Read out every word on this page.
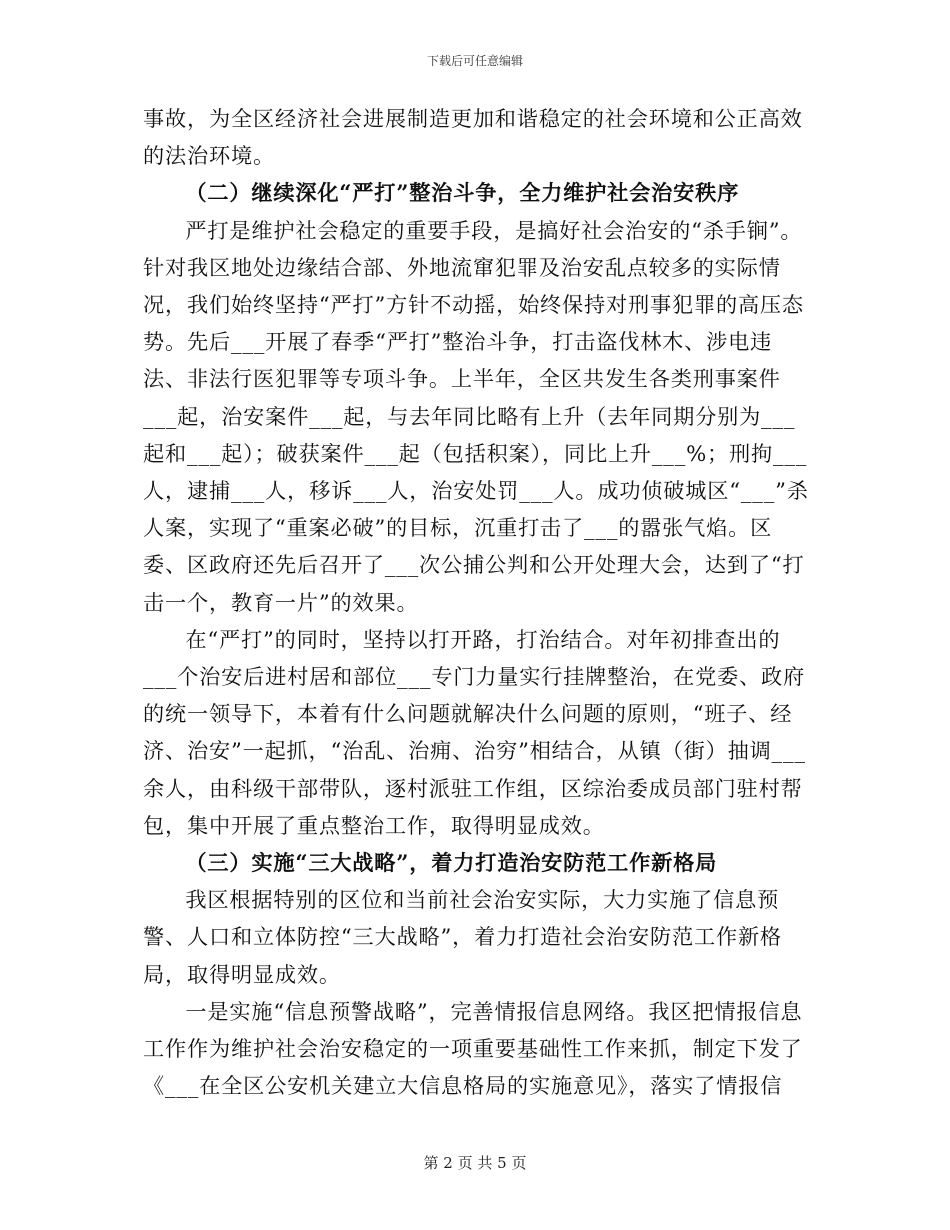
下载后可任意编辑

事故，为全区经济社会进展制造更加和谐稳定的社会环境和公正高效的法治环境。

（二）继续深化“严打”整治斗争，全力维护社会治安秩序

严打是维护社会稳定的重要手段，是搞好社会治安的“杀手锏”。针对我区地处边缘结合部、外地流窜犯罪及治安乱点较多的实际情况，我们始终坚持“严打”方针不动摇，始终保持对刑事犯罪的高压态势。先后___开展了春季“严打”整治斗争，打击盗伐林木、涉电违法、非法行医犯罪等专项斗争。上半年，全区共发生各类刑事案件___起，治安案件___起，与去年同比略有上升（去年同期分别为___起和___起）；破获案件___起（包括积案），同比上升___%；刑拘___人，逮捕___人，移诉___人，治安处罚___人。成功侦破城区“___”杀人案，实现了“重案必破”的目标，沉重打击了___的嚣张气焰。区委、区政府还先后召开了___次公捕公判和公开处理大会，达到了“打击一个，教育一片”的效果。

在“严打”的同时，坚持以打开路，打治结合。对年初排查出的___个治安后进村居和部位___专门力量实行挂牌整治，在党委、政府的统一领导下，本着有什么问题就解决什么问题的原则，“班子、经济、治安”一起抓，“治乱、治痈、治穷”相结合，从镇（街）抽调___余人，由科级干部带队，逐村派驻工作组，区综治委成员部门驻村帮包，集中开展了重点整治工作，取得明显成效。

（三）实施“三大战略”，着力打造治安防范工作新格局

我区根据特别的区位和当前社会治安实际，大力实施了信息预警、人口和立体防控“三大战略”，着力打造社会治安防范工作新格局，取得明显成效。

一是实施“信息预警战略”，完善情报信息网络。我区把情报信息工作作为维护社会治安稳定的一项重要基础性工作来抓，制定下发了《___在全区公安机关建立大信息格局的实施意见》，落实了情报信

第 2 页 共 5 页
